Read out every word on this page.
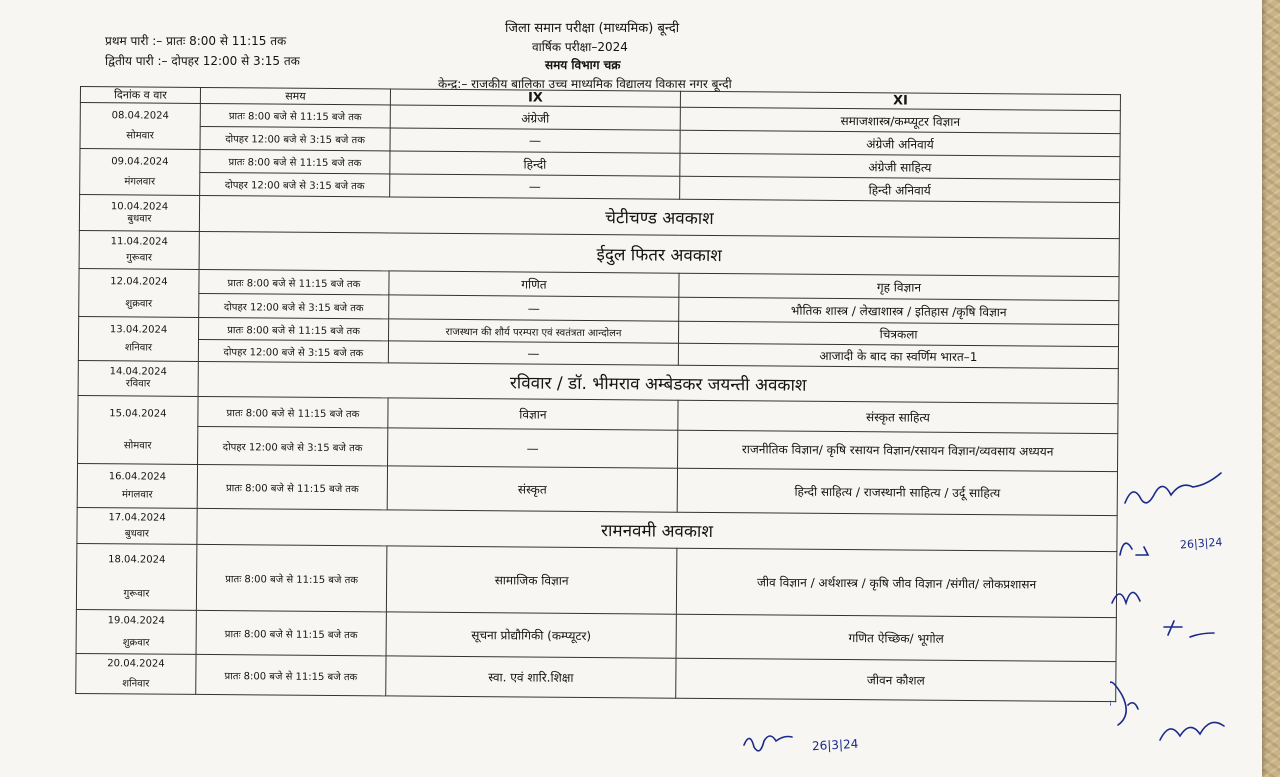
जिला समान परीक्षा (माध्यमिक) बून्दी
वार्षिक परीक्षा–2024
समय विभाग चक्र
केन्द्र:– राजकीय बालिका उच्च माध्यमिक विद्यालय विकास नगर बून्दी
प्रथम पारी :– प्रातः 8:00 से 11:15 तक
द्वितीय पारी :– दोपहर 12:00 से 3:15 तक
दिनांक व वार	समय	IX	XI

08.04.2024
सोमवार	प्रातः 8:00 बजे से 11:15 बजे तक	अंग्रेजी	समाजशास्त्र/कम्प्यूटर विज्ञान
	दोपहर 12:00 बजे से 3:15 बजे तक	—	अंग्रेजी अनिवार्य

09.04.2024
मंगलवार	प्रातः 8:00 बजे से 11:15 बजे तक	हिन्दी	अंग्रेजी साहित्य
	दोपहर 12:00 बजे से 3:15 बजे तक	—	हिन्दी अनिवार्य

10.04.2024
बुधवार	चेटीचण्ड अवकाश		

11.04.2024
गुरूवार	ईदुल फितर अवकाश		

12.04.2024
शुक्रवार	प्रातः 8:00 बजे से 11:15 बजे तक	गणित	गृह विज्ञान
	दोपहर 12:00 बजे से 3:15 बजे तक	—	भौतिक शास्त्र / लेखाशास्त्र / इतिहास /कृषि विज्ञान

13.04.2024
शनिवार	प्रातः 8:00 बजे से 11:15 बजे तक	राजस्थान की शौर्य परम्परा एवं स्वतंत्रता आन्दोलन	चित्रकला
	दोपहर 12:00 बजे से 3:15 बजे तक	—	आजादी के बाद का स्वर्णिम भारत–1

14.04.2024
रविवार	रविवार / डॉ. भीमराव अम्बेडकर जयन्ती अवकाश		

15.04.2024
सोमवार	प्रातः 8:00 बजे से 11:15 बजे तक	विज्ञान	संस्कृत साहित्य
	दोपहर 12:00 बजे से 3:15 बजे तक	—	राजनीतिक विज्ञान/ कृषि रसायन विज्ञान/रसायन विज्ञान/व्यवसाय अध्ययन

16.04.2024
मंगलवार	प्रातः 8:00 बजे से 11:15 बजे तक	संस्कृत	हिन्दी साहित्य / राजस्थानी साहित्य / उर्दू साहित्य

17.04.2024
बुधवार	रामनवमी अवकाश		

18.04.2024
गुरूवार	प्रातः 8:00 बजे से 11:15 बजे तक	सामाजिक विज्ञान	जीव विज्ञान / अर्थशास्त्र / कृषि जीव विज्ञान /संगीत/ लोकप्रशासन

19.04.2024
शुक्रवार	प्रातः 8:00 बजे से 11:15 बजे तक	सूचना प्रोद्यौगिकी (कम्प्यूटर)	गणित ऐच्छिक/ भूगोल

20.04.2024
शनिवार	प्रातः 8:00 बजे से 11:15 बजे तक	स्वा. एवं शारि.शिक्षा	जीवन कौशल
26|3|24
26|3|24
